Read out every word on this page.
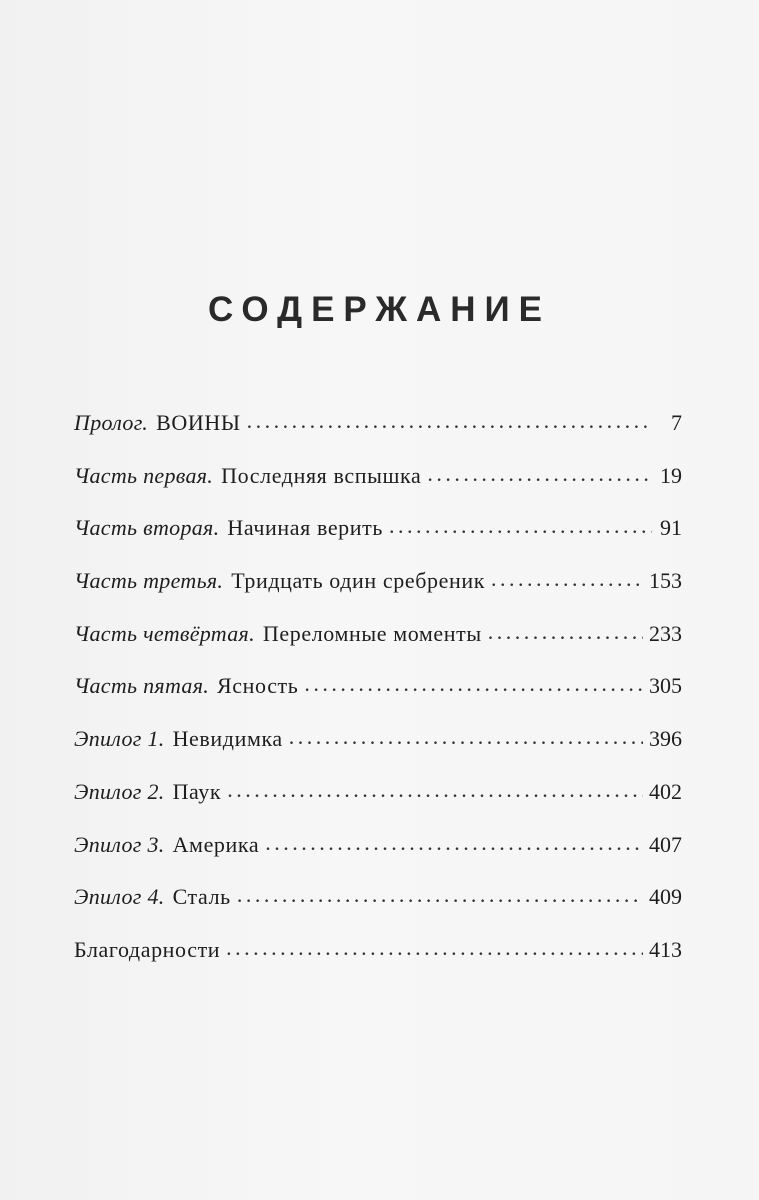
СОДЕРЖАНИЕ
Пролог. ВОИНЫ . . .	7
Часть первая. Последняя вспышка . . .	19
Часть вторая. Начиная верить . . .	91
Часть третья. Тридцать один сребреник . . .	153
Часть четвёртая. Переломные моменты . . .	233
Часть пятая. Ясность . . .	305
Эпилог 1. Невидимка . . .	396
Эпилог 2. Паук . . .	402
Эпилог 3. Америка . . .	407
Эпилог 4. Сталь . . .	409
Благодарности . . .	413
